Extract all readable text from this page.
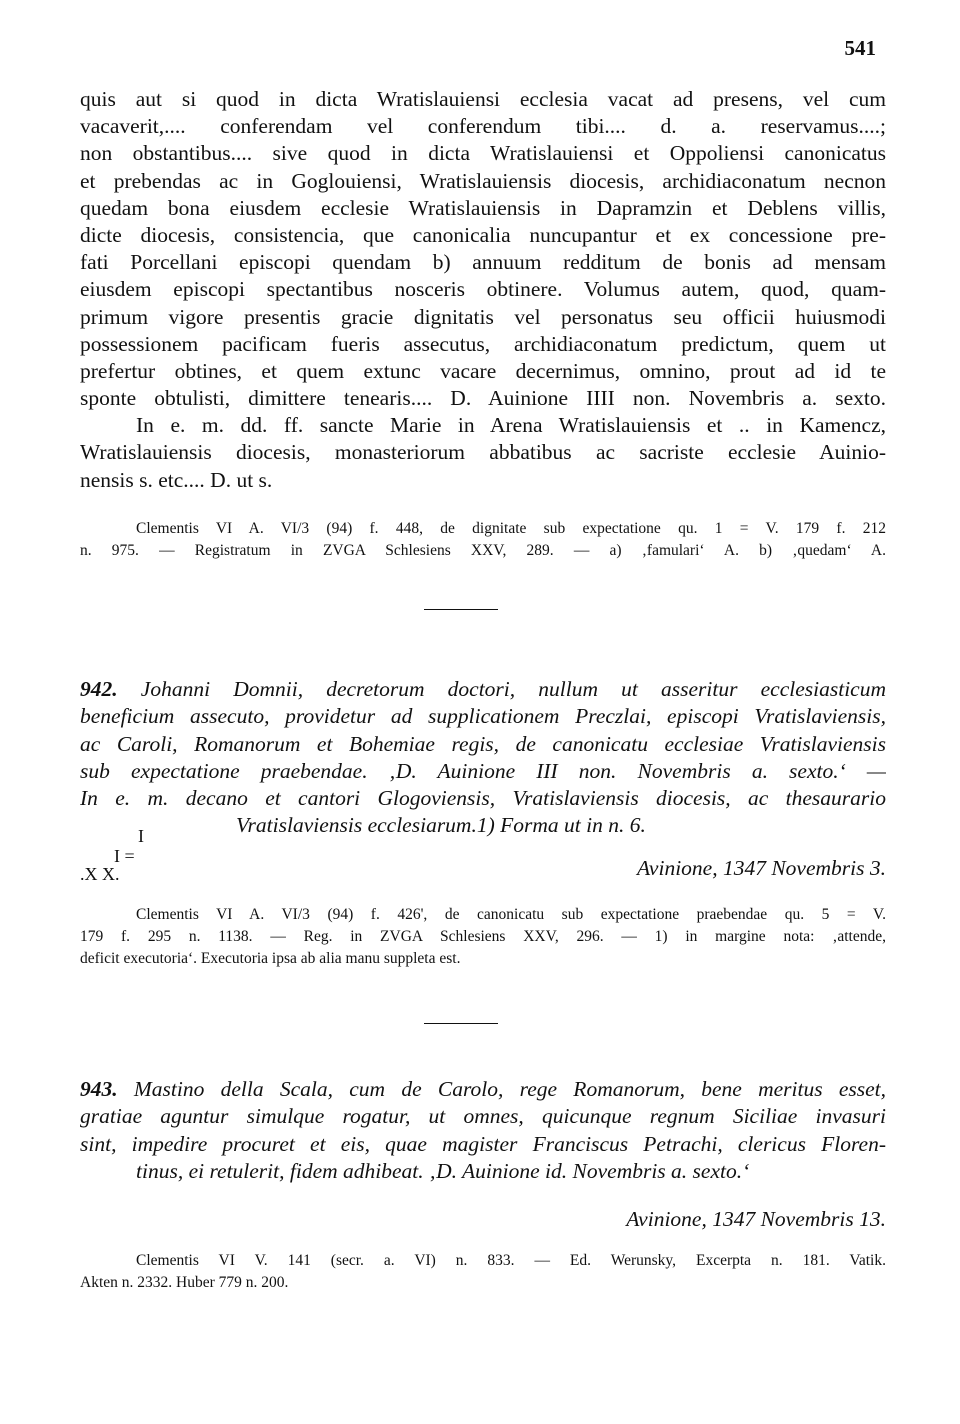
541
quis aut si quod in dicta Wratislauiensi ecclesia vacat ad presens, vel cum
vacaverit,.... conferendam vel conferendum tibi.... d. a. reservamus....;
non obstantibus.... sive quod in dicta Wratislauiensi et Oppoliensi canonicatus
et prebendas ac in Goglouiensi, Wratislauiensis diocesis, archidiaconatum necnon
quedam bona eiusdem ecclesie Wratislauiensis in Dapramzin et Deblens villis,
dicte diocesis, consistencia, que canonicalia nuncupantur et ex concessione pre-
fati Porcellani episcopi quendam b) annuum redditum de bonis ad mensam
eiusdem episcopi spectantibus nosceris obtinere. Volumus autem, quod, quam-
primum vigore presentis gracie dignitatis vel personatus seu officii huiusmodi
possessionem pacificam fueris assecutus, archidiaconatum predictum, quem ut
prefertur obtines, et quem extunc vacare decernimus, omnino, prout ad id te
sponte obtulisti, dimittere tenearis.... D. Auinione IIII non. Novembris a. sexto.
In e. m. dd. ff. sancte Marie in Arena Wratislauiensis et .. in Kamencz,
Wratislauiensis diocesis, monasteriorum abbatibus ac sacriste ecclesie Auinio-
nensis s. etc.... D. ut s.
Clementis VI A. VI/3 (94) f. 448, de dignitate sub expectatione qu. 1 = V. 179 f. 212
n. 975. — Registratum in ZVGA Schlesiens XXV, 289. — a) ‚famulari‘ A. b) ‚quedam‘ A.
942. Johanni Domnii, decretorum doctori, nullum ut asseritur ecclesiasticum
beneficium assecuto, providetur ad supplicationem Preczlai, episcopi Vratislaviensis,
ac Caroli, Romanorum et Bohemiae regis, de canonicatu ecclesiae Vratislaviensis
sub expectatione praebendae. ‚D. Auinione III non. Novembris a. sexto.‘ —
In e. m. decano et cantori Glogoviensis, Vratislaviensis diocesis, ac thesaurario
Vratislaviensis ecclesiarum.1) Forma ut in n. 6.
I
I =
.X X.	Avinione, 1347 Novembris 3.
Clementis VI A. VI/3 (94) f. 426', de canonicatu sub expectatione praebendae qu. 5 = V.
179 f. 295 n. 1138. — Reg. in ZVGA Schlesiens XXV, 296. — 1) in margine nota: ‚attende,
deficit executoria‘. Executoria ipsa ab alia manu suppleta est.
943. Mastino della Scala, cum de Carolo, rege Romanorum, bene meritus esset,
gratiae aguntur simulque rogatur, ut omnes, quicunque regnum Siciliae invasuri
sint, impedire procuret et eis, quae magister Franciscus Petrachi, clericus Floren-
tinus, ei retulerit, fidem adhibeat. ‚D. Auinione id. Novembris a. sexto.‘
Avinione, 1347 Novembris 13.
Clementis VI V. 141 (secr. a. VI) n. 833. — Ed. Werunsky, Excerpta n. 181. Vatik.
Akten n. 2332. Huber 779 n. 200.
